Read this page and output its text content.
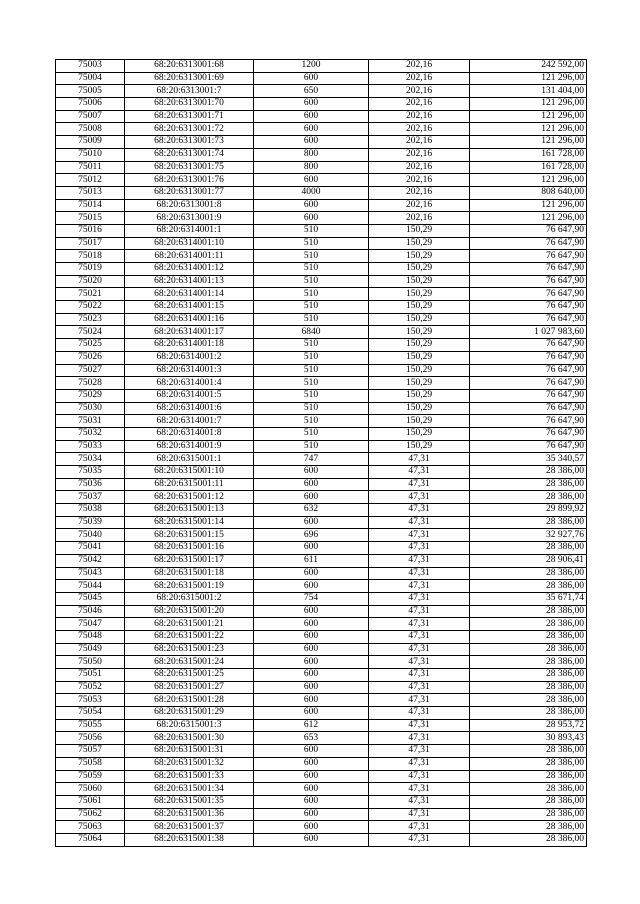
75003	68:20:6313001:68	1200	202,16	242 592,00
75004	68:20:6313001:69	600	202,16	121 296,00
75005	68:20:6313001:7	650	202,16	131 404,00
75006	68:20:6313001:70	600	202,16	121 296,00
75007	68:20:6313001:71	600	202,16	121 296,00
75008	68:20:6313001:72	600	202,16	121 296,00
75009	68:20:6313001:73	600	202,16	121 296,00
75010	68:20:6313001:74	800	202,16	161 728,00
75011	68:20:6313001:75	800	202,16	161 728,00
75012	68:20:6313001:76	600	202,16	121 296,00
75013	68:20:6313001:77	4000	202,16	808 640,00
75014	68:20:6313001:8	600	202,16	121 296,00
75015	68:20:6313001:9	600	202,16	121 296,00
75016	68:20:6314001:1	510	150,29	76 647,90
75017	68:20:6314001:10	510	150,29	76 647,90
75018	68:20:6314001:11	510	150,29	76 647,90
75019	68:20:6314001:12	510	150,29	76 647,90
75020	68:20:6314001:13	510	150,29	76 647,90
75021	68:20:6314001:14	510	150,29	76 647,90
75022	68:20:6314001:15	510	150,29	76 647,90
75023	68:20:6314001:16	510	150,29	76 647,90
75024	68:20:6314001:17	6840	150,29	1 027 983,60
75025	68:20:6314001:18	510	150,29	76 647,90
75026	68:20:6314001:2	510	150,29	76 647,90
75027	68:20:6314001:3	510	150,29	76 647,90
75028	68:20:6314001:4	510	150,29	76 647,90
75029	68:20:6314001:5	510	150,29	76 647,90
75030	68:20:6314001:6	510	150,29	76 647,90
75031	68:20:6314001:7	510	150,29	76 647,90
75032	68:20:6314001:8	510	150,29	76 647,90
75033	68:20:6314001:9	510	150,29	76 647,90
75034	68:20:6315001:1	747	47,31	35 340,57
75035	68:20:6315001:10	600	47,31	28 386,00
75036	68:20:6315001:11	600	47,31	28 386,00
75037	68:20:6315001:12	600	47,31	28 386,00
75038	68:20:6315001:13	632	47,31	29 899,92
75039	68:20:6315001:14	600	47,31	28 386,00
75040	68:20:6315001:15	696	47,31	32 927,76
75041	68:20:6315001:16	600	47,31	28 386,00
75042	68:20:6315001:17	611	47,31	28 906,41
75043	68:20:6315001:18	600	47,31	28 386,00
75044	68:20:6315001:19	600	47,31	28 386,00
75045	68:20:6315001:2	754	47,31	35 671,74
75046	68:20:6315001:20	600	47,31	28 386,00
75047	68:20:6315001:21	600	47,31	28 386,00
75048	68:20:6315001:22	600	47,31	28 386,00
75049	68:20:6315001:23	600	47,31	28 386,00
75050	68:20:6315001:24	600	47,31	28 386,00
75051	68:20:6315001:25	600	47,31	28 386,00
75052	68:20:6315001:27	600	47,31	28 386,00
75053	68:20:6315001:28	600	47,31	28 386,00
75054	68:20:6315001:29	600	47,31	28 386,00
75055	68:20:6315001:3	612	47,31	28 953,72
75056	68:20:6315001:30	653	47,31	30 893,43
75057	68:20:6315001:31	600	47,31	28 386,00
75058	68:20:6315001:32	600	47,31	28 386,00
75059	68:20:6315001:33	600	47,31	28 386,00
75060	68:20:6315001:34	600	47,31	28 386,00
75061	68:20:6315001:35	600	47,31	28 386,00
75062	68:20:6315001:36	600	47,31	28 386,00
75063	68:20:6315001:37	600	47,31	28 386,00
75064	68:20:6315001:38	600	47,31	28 386,00
